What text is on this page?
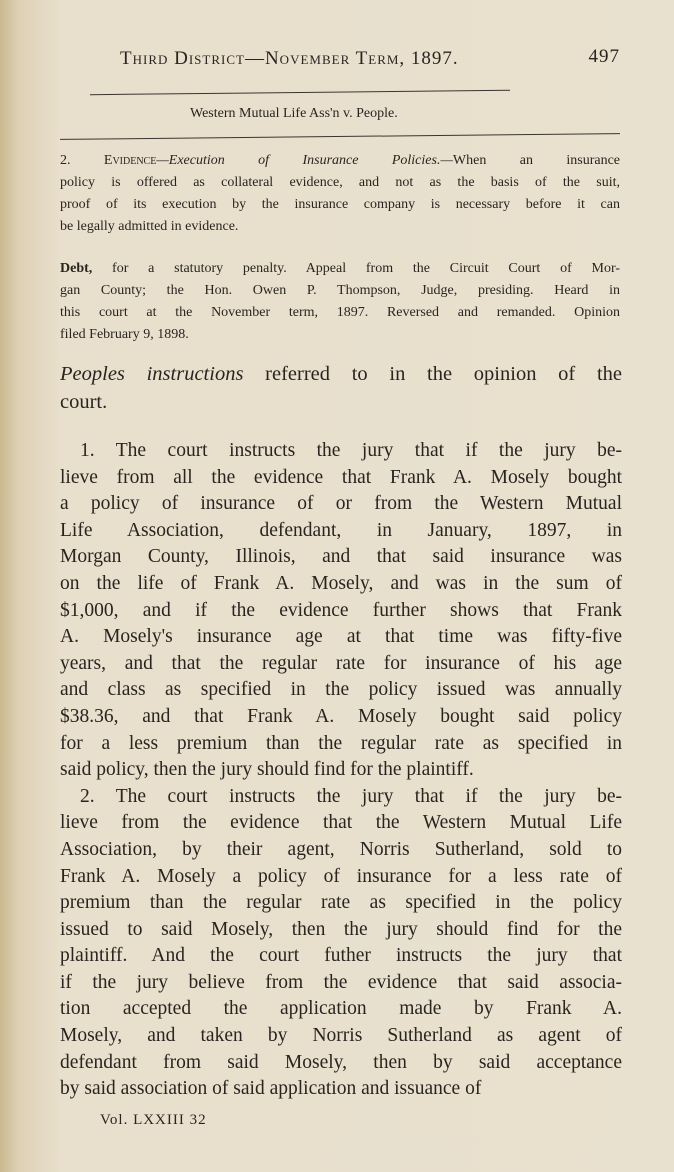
Third District—November Term, 1897.	497
Western Mutual Life Ass'n v. People.
2. Evidence—Execution of Insurance Policies.—When an insurance
policy is offered as collateral evidence, and not as the basis of the suit,
proof of its execution by the insurance company is necessary before it can
be legally admitted in evidence.
Debt, for a statutory penalty. Appeal from the Circuit Court of Mor-
gan County; the Hon. Owen P. Thompson, Judge, presiding. Heard in
this court at the November term, 1897. Reversed and remanded. Opinion
filed February 9, 1898.
Peoples instructions referred to in the opinion of the
court.
1. The court instructs the jury that if the jury be-
lieve from all the evidence that Frank A. Mosely bought
a policy of insurance of or from the Western Mutual
Life Association, defendant, in January, 1897, in
Morgan County, Illinois, and that said insurance was
on the life of Frank A. Mosely, and was in the sum of
$1,000, and if the evidence further shows that Frank
A. Mosely's insurance age at that time was fifty-five
years, and that the regular rate for insurance of his age
and class as specified in the policy issued was annually
$38.36, and that Frank A. Mosely bought said policy
for a less premium than the regular rate as specified in
said policy, then the jury should find for the plaintiff.
2. The court instructs the jury that if the jury be-
lieve from the evidence that the Western Mutual Life
Association, by their agent, Norris Sutherland, sold to
Frank A. Mosely a policy of insurance for a less rate of
premium than the regular rate as specified in the policy
issued to said Mosely, then the jury should find for the
plaintiff. And the court futher instructs the jury that
if the jury believe from the evidence that said associa-
tion accepted the application made by Frank A.
Mosely, and taken by Norris Sutherland as agent of
defendant from said Mosely, then by said acceptance
by said association of said application and issuance of
Vol. LXXIII 32
